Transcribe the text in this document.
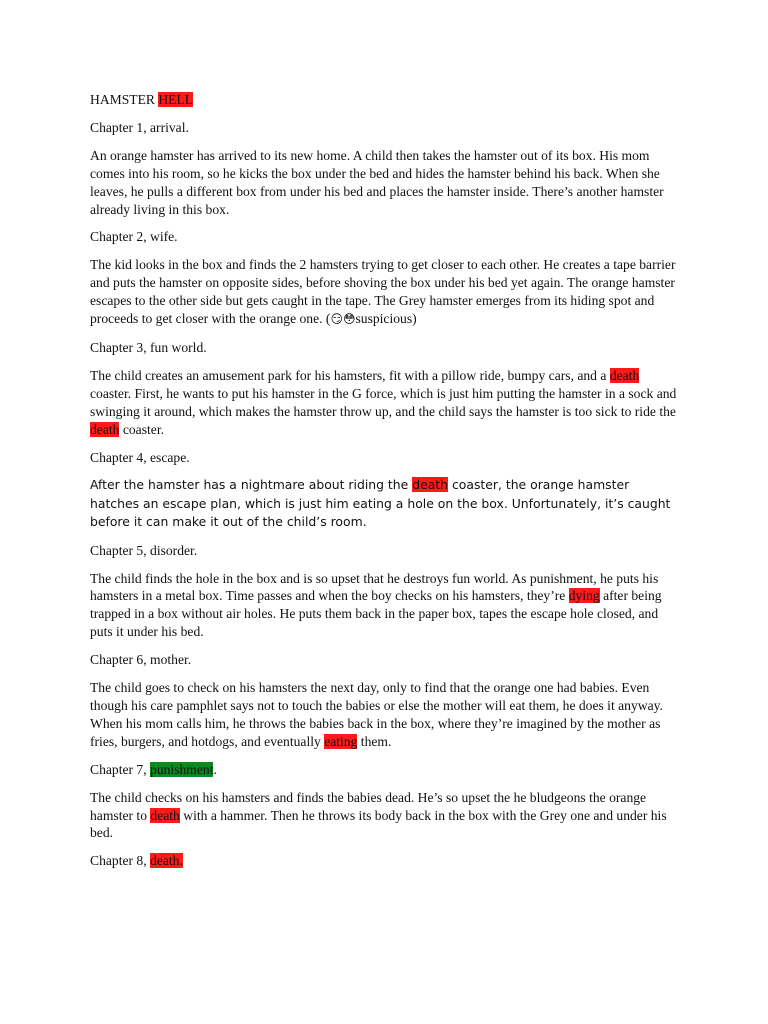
HAMSTER HELL

Chapter 1, arrival.

An orange hamster has arrived to its new home. A child then takes the hamster out of its box. His mom comes into his room, so he kicks the box under the bed and hides the hamster behind his back. When she leaves, he pulls a different box from under his bed and places the hamster inside. There’s another hamster already living in this box.

Chapter 2, wife.

The kid looks in the box and finds the 2 hamsters trying to get closer to each other. He creates a tape barrier and puts the hamster on opposite sides, before shoving the box under his bed yet again. The orange hamster escapes to the other side but gets caught in the tape. The Grey hamster emerges from its hiding spot and proceeds to get closer with the orange one. (😏😳suspicious)

Chapter 3, fun world.

The child creates an amusement park for his hamsters, fit with a pillow ride, bumpy cars, and a death coaster. First, he wants to put his hamster in the G force, which is just him putting the hamster in a sock and swinging it around, which makes the hamster throw up, and the child says the hamster is too sick to ride the death coaster.

Chapter 4, escape.

After the hamster has a nightmare about riding the death coaster, the orange hamster hatches an escape plan, which is just him eating a hole on the box. Unfortunately, it’s caught before it can make it out of the child’s room.

Chapter 5, disorder.

The child finds the hole in the box and is so upset that he destroys fun world. As punishment, he puts his hamsters in a metal box. Time passes and when the boy checks on his hamsters, they’re dying after being trapped in a box without air holes. He puts them back in the paper box, tapes the escape hole closed, and puts it under his bed.

Chapter 6, mother.

The child goes to check on his hamsters the next day, only to find that the orange one had babies. Even though his care pamphlet says not to touch the babies or else the mother will eat them, he does it anyway. When his mom calls him, he throws the babies back in the box, where they’re imagined by the mother as fries, burgers, and hotdogs, and eventually eating them.

Chapter 7, punishment.

The child checks on his hamsters and finds the babies dead. He’s so upset the he bludgeons the orange hamster to death with a hammer. Then he throws its body back in the box with the Grey one and under his bed.

Chapter 8, death.
